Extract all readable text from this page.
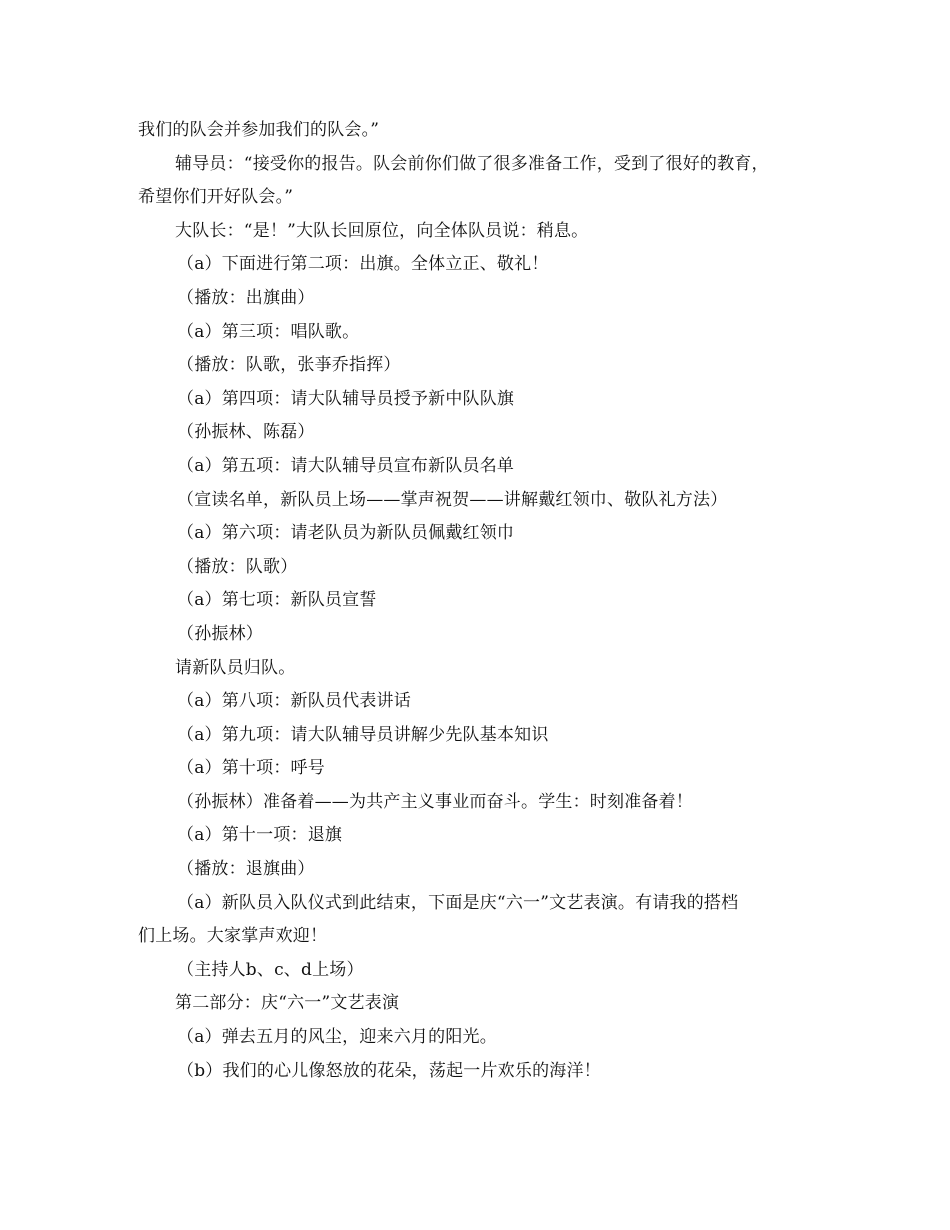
我们的队会并参加我们的队会。”
辅导员：“接受你的报告。队会前你们做了很多准备工作，受到了很好的教育，
希望你们开好队会。”
大队长：“是！”大队长回原位，向全体队员说：稍息。
（a）下面进行第二项：出旗。全体立正、敬礼！
（播放：出旗曲）
（a）第三项：唱队歌。
（播放：队歌，张亊乔指挥）
（a）第四项：请大队辅导员授予新中队队旗
（孙振林、陈磊）
（a）第五项：请大队辅导员宣布新队员名单
（宣读名单，新队员上场——掌声祝贺——讲解戴红领巾、敬队礼方法）
（a）第六项：请老队员为新队员佩戴红领巾
（播放：队歌）
（a）第七项：新队员宣誓
（孙振林）
请新队员归队。
（a）第八项：新队员代表讲话
（a）第九项：请大队辅导员讲解少先队基本知识
（a）第十项：呼号
（孙振林）准备着——为共产主义事业而奋斗。学生：时刻准备着！
（a）第十一项：退旗
（播放：退旗曲）
（a）新队员入队仪式到此结束，下面是庆“六一”文艺表演。有请我的搭档
们上场。大家掌声欢迎！
（主持人b、c、d上场）
第二部分：庆“六一”文艺表演
（a）弹去五月的风尘，迎来六月的阳光。
（b）我们的心儿像怒放的花朵，荡起一片欢乐的海洋！
